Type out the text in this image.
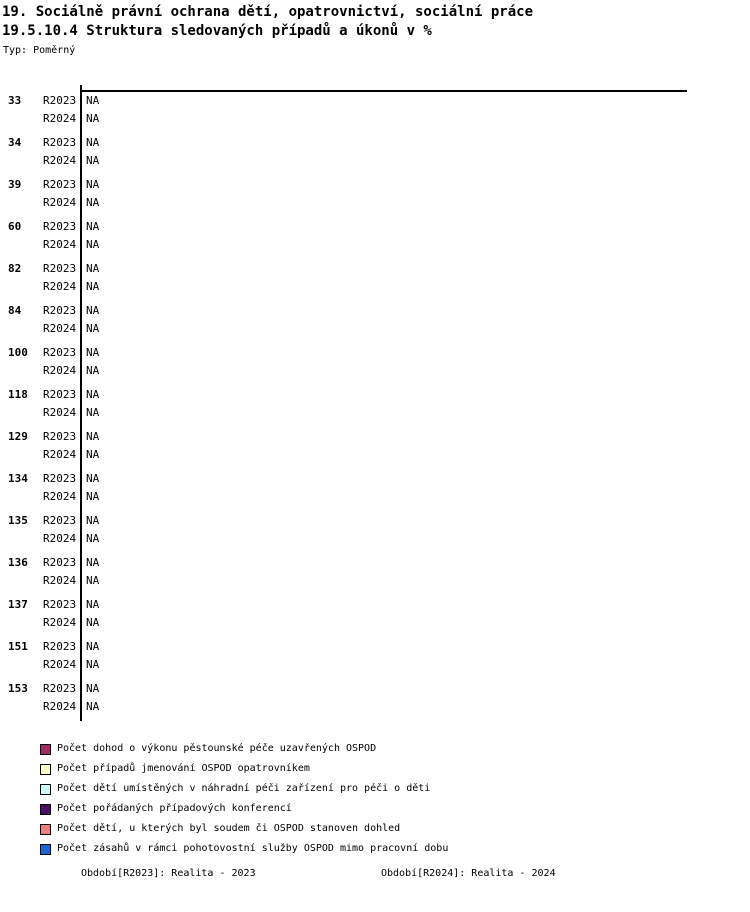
19. Sociálně právní ochrana dětí, opatrovnictví, sociální práce
19.5.10.4 Struktura sledovaných případů a úkonů v %
Typ: Poměrný
33 R2023 NA
R2024 NA
34 R2023 NA
R2024 NA
39 R2023 NA
R2024 NA
60 R2023 NA
R2024 NA
82 R2023 NA
R2024 NA
84 R2023 NA
R2024 NA
100 R2023 NA
R2024 NA
118 R2023 NA
R2024 NA
129 R2023 NA
R2024 NA
134 R2023 NA
R2024 NA
135 R2023 NA
R2024 NA
136 R2023 NA
R2024 NA
137 R2023 NA
R2024 NA
151 R2023 NA
R2024 NA
153 R2023 NA
R2024 NA
Počet dohod o výkonu pěstounské péče uzavřených OSPOD
Počet případů jmenování OSPOD opatrovníkem
Počet dětí umístěných v náhradní péči zařízení pro péči o děti
Počet pořádaných případových konferencí
Počet dětí, u kterých byl soudem či OSPOD stanoven dohled
Počet zásahů v rámci pohotovostní služby OSPOD mimo pracovní dobu
Období[R2023]: Realita - 2023	Období[R2024]: Realita - 2024
